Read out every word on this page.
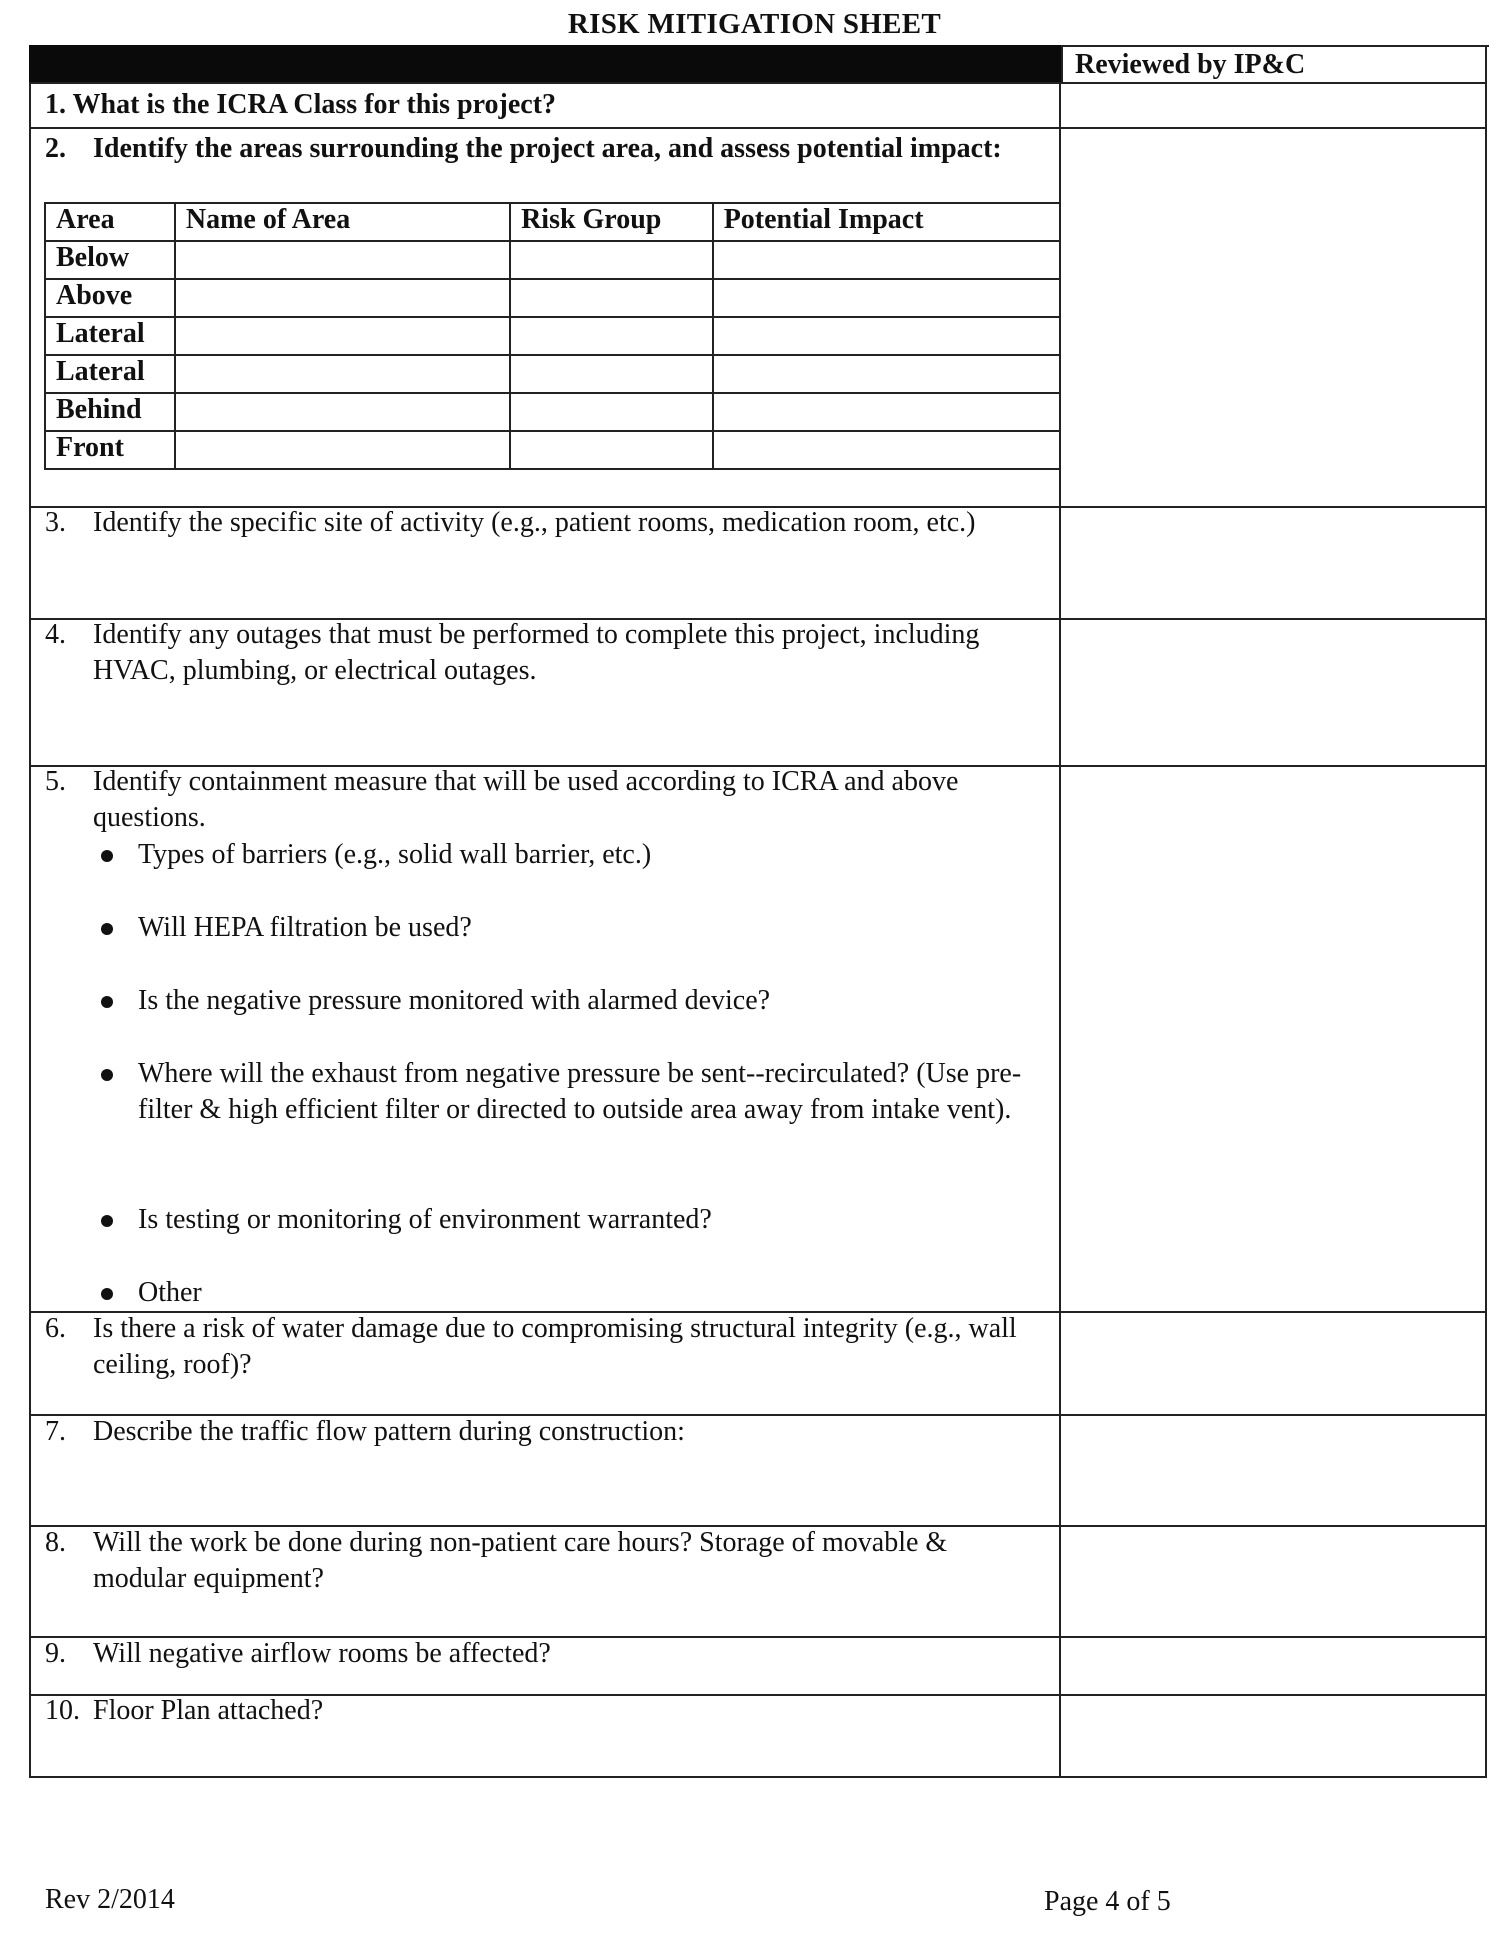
RISK MITIGATION SHEET
Reviewed by IP&C
1. What is the ICRA Class for this project?
2. Identify the areas surrounding the project area, and assess potential impact:
Area	Name of Area	Risk Group	Potential Impact
Below			
Above			
Lateral			
Lateral			
Behind			
Front			
3. Identify the specific site of activity (e.g., patient rooms, medication room, etc.)
4. Identify any outages that must be performed to complete this project, including HVAC, plumbing, or electrical outages.
5. Identify containment measure that will be used according to ICRA and above questions.
Types of barriers (e.g., solid wall barrier, etc.)
Will HEPA filtration be used?
Is the negative pressure monitored with alarmed device?
Where will the exhaust from negative pressure be sent--recirculated? (Use pre-filter & high efficient filter or directed to outside area away from intake vent).
Is testing or monitoring of environment warranted?
Other
6. Is there a risk of water damage due to compromising structural integrity (e.g., wall ceiling, roof)?
7. Describe the traffic flow pattern during construction:
8. Will the work be done during non-patient care hours? Storage of movable & modular equipment?
9. Will negative airflow rooms be affected?
10. Floor Plan attached?
Rev 2/2014	Page 4 of 5
